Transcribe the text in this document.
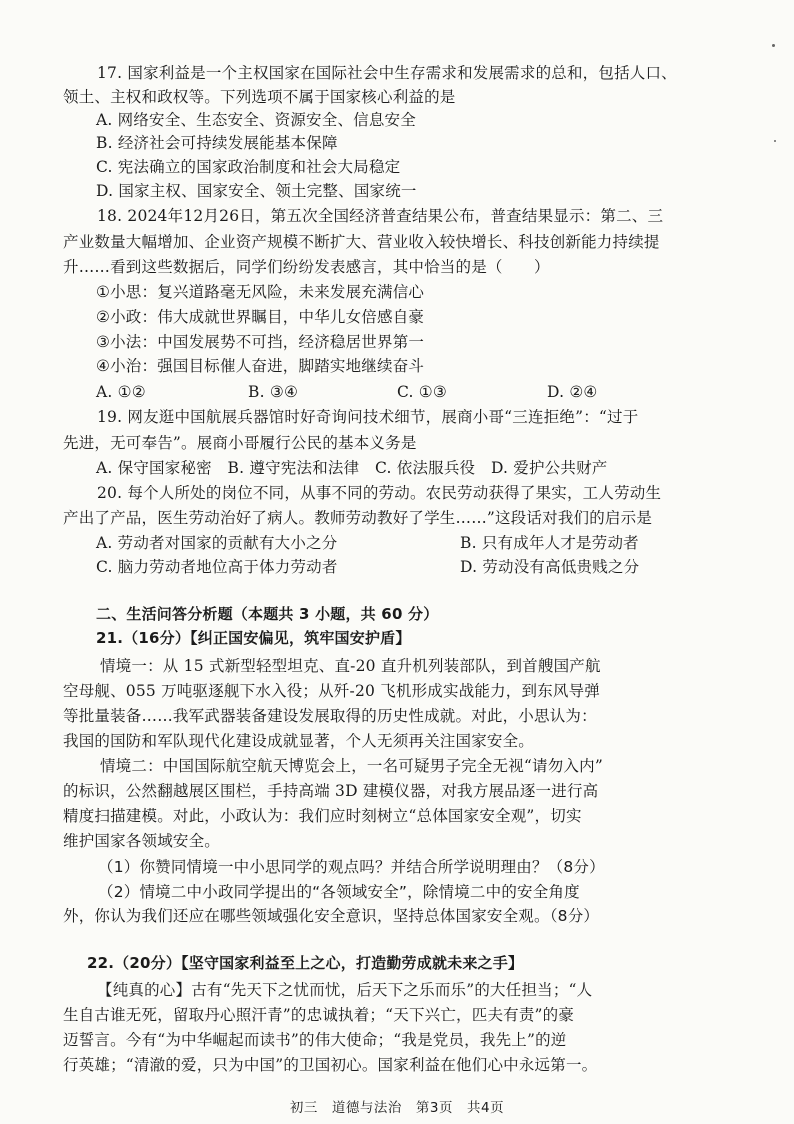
17. 国家利益是一个主权国家在国际社会中生存需求和发展需求的总和，包括人口、
领土、主权和政权等。下列选项不属于国家核心利益的是
A. 网络安全、生态安全、资源安全、信息安全
B. 经济社会可持续发展能基本保障
C. 宪法确立的国家政治制度和社会大局稳定
D. 国家主权、国家安全、领土完整、国家统一
18. 2024年12月26日，第五次全国经济普查结果公布，普查结果显示：第二、三
产业数量大幅增加、企业资产规模不断扩大、营业收入较快增长、科技创新能力持续提
升……看到这些数据后，同学们纷纷发表感言，其中恰当的是（　　）
①小思：复兴道路毫无风险，未来发展充满信心
②小政：伟大成就世界瞩目，中华儿女倍感自豪
③小法：中国发展势不可挡，经济稳居世界第一
④小治：强国目标催人奋进，脚踏实地继续奋斗
A. ①②	B. ③④	C. ①③	D. ②④
19. 网友逛中国航展兵器馆时好奇询问技术细节，展商小哥“三连拒绝”：“过于
先进，无可奉告”。展商小哥履行公民的基本义务是
A. 保守国家秘密　B. 遵守宪法和法律　C. 依法服兵役　D. 爱护公共财产
20. 每个人所处的岗位不同，从事不同的劳动。农民劳动获得了果实，工人劳动生
产出了产品，医生劳动治好了病人。教师劳动教好了学生……”这段话对我们的启示是
A. 劳动者对国家的贡献有大小之分	B. 只有成年人才是劳动者
C. 脑力劳动者地位高于体力劳动者	D. 劳动没有高低贵贱之分
二、生活问答分析题（本题共 3 小题，共 60 分）
21.（16分）【纠正国安偏见，筑牢国安护盾】
情境一：从 15 式新型轻型坦克、直-20 直升机列装部队，到首艘国产航
空母舰、055 万吨驱逐舰下水入役；从歼-20 飞机形成实战能力，到东风导弹
等批量装备……我军武器装备建设发展取得的历史性成就。对此，小思认为：
我国的国防和军队现代化建设成就显著，个人无须再关注国家安全。
情境二：中国国际航空航天博览会上，一名可疑男子完全无视“请勿入内”
的标识，公然翻越展区围栏，手持高端 3D 建模仪器，对我方展品逐一进行高
精度扫描建模。对此，小政认为：我们应时刻树立“总体国家安全观”，切实
维护国家各领域安全。
（1）你赞同情境一中小思同学的观点吗？并结合所学说明理由？（8分）
（2）情境二中小政同学提出的“各领域安全”，除情境二中的安全角度
外，你认为我们还应在哪些领域强化安全意识，坚持总体国家安全观。（8分）
22.（20分）【坚守国家利益至上之心，打造勤劳成就未来之手】
【纯真的心】古有“先天下之忧而忧，后天下之乐而乐”的大任担当；“人
生自古谁无死，留取丹心照汗青”的忠诚执着；“天下兴亡，匹夫有责”的豪
迈誓言。今有“为中华崛起而读书”的伟大使命；“我是党员，我先上”的逆
行英雄；“清澈的爱，只为中国”的卫国初心。国家利益在他们心中永远第一。
初三　道德与法治　第3页　共4页
